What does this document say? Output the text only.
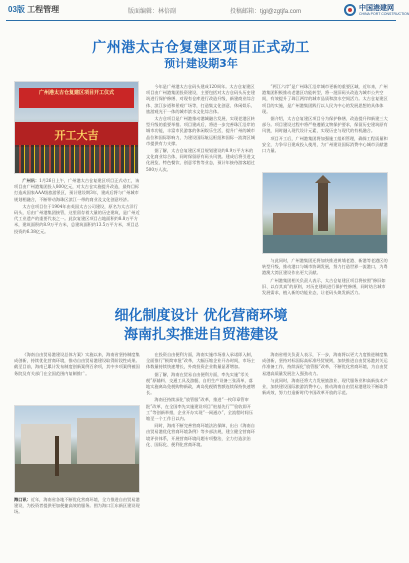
03版 工程管理	版面编辑：林倍副	投稿邮箱：tjgl@zgtjfa.com	中国港建网
CHINA PORT CONSTRUCTION
广州港太古仓复建区项目正式动工
预计建设期3年
广州港太古仓复建区项目开工仪式
开工大吉

广州讯：1月26日上午，广州港太古仓复建区项目正式动工，该项目由广州港集团投入800亿元，对太古仓实施提升改造，最终目标打造成国家AAA级旅游景区，预计建设期3年，建成后将与广州城市规划相融合，不断带动海珠区滨江一带的商业及文化创意经济。

太古仓项目位于1904年由英国太古公司建设，原名为太古洋行码头，后由广州港集团接管，这里留存着大量的历史建筑，是广州近代工业遗产的重要代表之一。此次复建区项目占地面积约8.8万平方米，建筑面积约8.9万平方米，总建筑面积约13.5万平方米，项目总投资约6.38亿元。

今年是广州港太古仓码头建成120周年。太古仓复建区项目由广州港集团投资建设，主要包括对太古仓码头历史建筑进行保护修缮、对现有仓库进行改造升级，新建商业综合体、滨江步道和景观广场等，打造集文化创意、休闲娱乐、旅游观光于一体的城市滨水文化综合体。

太古仓项目是广州港推动港城融合发展、实现老港区转型升级的重要举措。项目建成后，将进一步完善珠江沿岸的城市功能，丰富市民游客的休闲娱乐生活，提升广州的城市品位和国际影响力，为建设国际航运枢纽和国际一流湾区城市提供有力支撑。

据了解，太古仓复建区项目规划建设约8.9万平方米的文化商业综合体，同时保留原有码头风貌。建成后将引进文化展览、特色餐饮、创意零售等业态，预计年接待游客超过500万人次。

“两江六岸”是广州珠江沿岸城市更新的重要区域，近年来，广州港集团积极推动老港区功能转型，将一批旧码头改造为城市公共空间，有效提升了珠江两岸的城市品质和滨水空间活力。太古仓复建区项目的实施，是广州港集团践行以人民为中心的发展思想的具体体现。

据介绍，太古仓复建区项目分为保护修缮、改造提升和新建三大部分。项目建设过程中将严格遵循文物保护要求，保留历史建筑原有风貌，同时融入现代设计元素，实现历史与现代的有机融合。

项目开工后，广州港集团将加强施工组织管理，确保工程质量和安全，力争早日建成投入使用，为广州建设国际消费中心城市贡献港口力量。

与此同时，广州港集团还将加快推进黄埔老港、新港等老港区的转型升级，推动港口与城市协调发展，努力打造世界一流港口，为粤港澳大湾区建设作出更大贡献。

广州港集团相关负责人表示，太古仓复建区项目将按照“修旧如旧、以存其真”的原则，对历史建筑进行保护性修缮，同时结合城市发展需求，植入新的功能业态，让老码头焕发新活力。

细化制度设计 优化营商环境
海南扎实推进自贸港建设

《海南自由贸易港建设总体方案》实施以来，海南省坚持制度集成创新，持续优化营商环境，推动自由贸易港建设取得阶段性成果。截至目前，海南已累计发布制度创新案例百余项，其中多项案例被国务院及有关部门在全国范围内复制推广。

海口讯：近年，海南省各地不断优化营商环境，全力推进自由贸易港建设，为投资者提供更加便捷高效的服务。图为海口江东新区建设现场。

在投资自由便利方面，海南实施市场准入承诺即入制，全面推行“极简审批”改革，大幅压缩企业开办时间，市场主体数量持续快速增长，外商投资企业数量显著增加。

据了解，海南在贸易自由便利方面，率先实施“零关税”原辅料、交通工具及游艇、自用生产设备三张清单，落地实施离岛免税购物新政，离岛免税销售额连续保持快速增长。

海南还持续深化“放管服”改革，推进“一枚印章管审批”改革，在全国率先实施建设项目“桩基先行”“验收即开工”等创新举措，企业开办实现“一网通办”，全流程时间压缩至一个工作日以内。

同时，海南不断完善营商环境法治保障，出台《海南自由贸易港优化营商环境条例》等多部法规，建立健全营商环境评价体系，开展营商环境问题专项整治，全力打造法治化、国际化、便利化营商环境。

海南省相关负责人表示，下一步，海南将以更大力度推进制度集成创新，坚持对标国际高标准经贸规则，加快推进自由贸易港封关运作准备工作，持续深化“放管服”改革，不断优化营商环境，为自由贸易港高质量发展注入强劲动力。

与此同时，海南还将大力发展旅游业、现代服务业和高新技术产业，加快建设国际旅游消费中心，推动海南自由贸易港建设不断取得新成效，努力打造新时代中国改革开放的示范。
